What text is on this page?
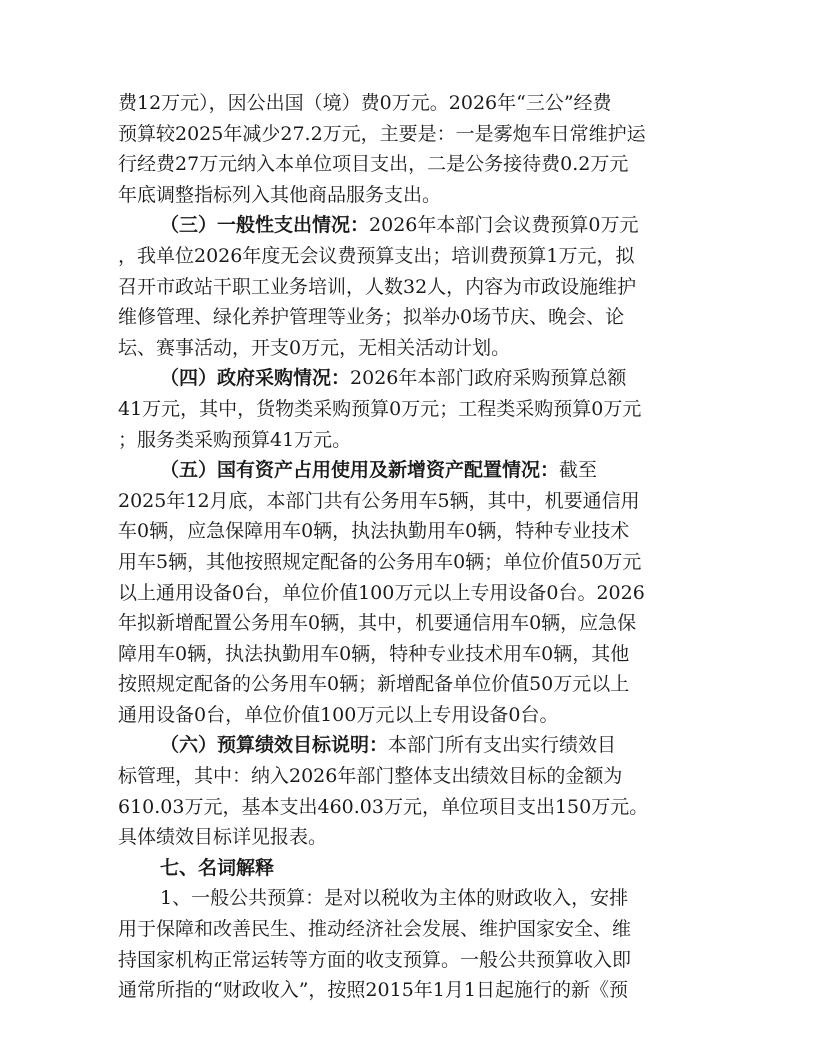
费12万元），因公出国（境）费0万元。2026年“三公”经费
预算较2025年减少27.2万元，主要是：一是雾炮车日常维护运
行经费27万元纳入本单位项目支出，二是公务接待费0.2万元
年底调整指标列入其他商品服务支出。
（三）一般性支出情况：2026年本部门会议费预算0万元
，我单位2026年度无会议费预算支出；培训费预算1万元，拟
召开市政站干职工业务培训，人数32人，内容为市政设施维护
维修管理、绿化养护管理等业务；拟举办0场节庆、晚会、论
坛、赛事活动，开支0万元，无相关活动计划。
（四）政府采购情况：2026年本部门政府采购预算总额
41万元，其中，货物类采购预算0万元；工程类采购预算0万元
；服务类采购预算41万元。
（五）国有资产占用使用及新增资产配置情况：截至
2025年12月底，本部门共有公务用车5辆，其中，机要通信用
车0辆，应急保障用车0辆，执法执勤用车0辆，特种专业技术
用车5辆，其他按照规定配备的公务用车0辆；单位价值50万元
以上通用设备0台，单位价值100万元以上专用设备0台。2026
年拟新增配置公务用车0辆，其中，机要通信用车0辆，应急保
障用车0辆，执法执勤用车0辆，特种专业技术用车0辆，其他
按照规定配备的公务用车0辆；新增配备单位价值50万元以上
通用设备0台，单位价值100万元以上专用设备0台。
（六）预算绩效目标说明：本部门所有支出实行绩效目
标管理，其中：纳入2026年部门整体支出绩效目标的金额为
610.03万元，基本支出460.03万元，单位项目支出150万元。
具体绩效目标详见报表。
七、名词解释
1、一般公共预算：是对以税收为主体的财政收入，安排
用于保障和改善民生、推动经济社会发展、维护国家安全、维
持国家机构正常运转等方面的收支预算。一般公共预算收入即
通常所指的“财政收入”，按照2015年1月1日起施行的新《预
